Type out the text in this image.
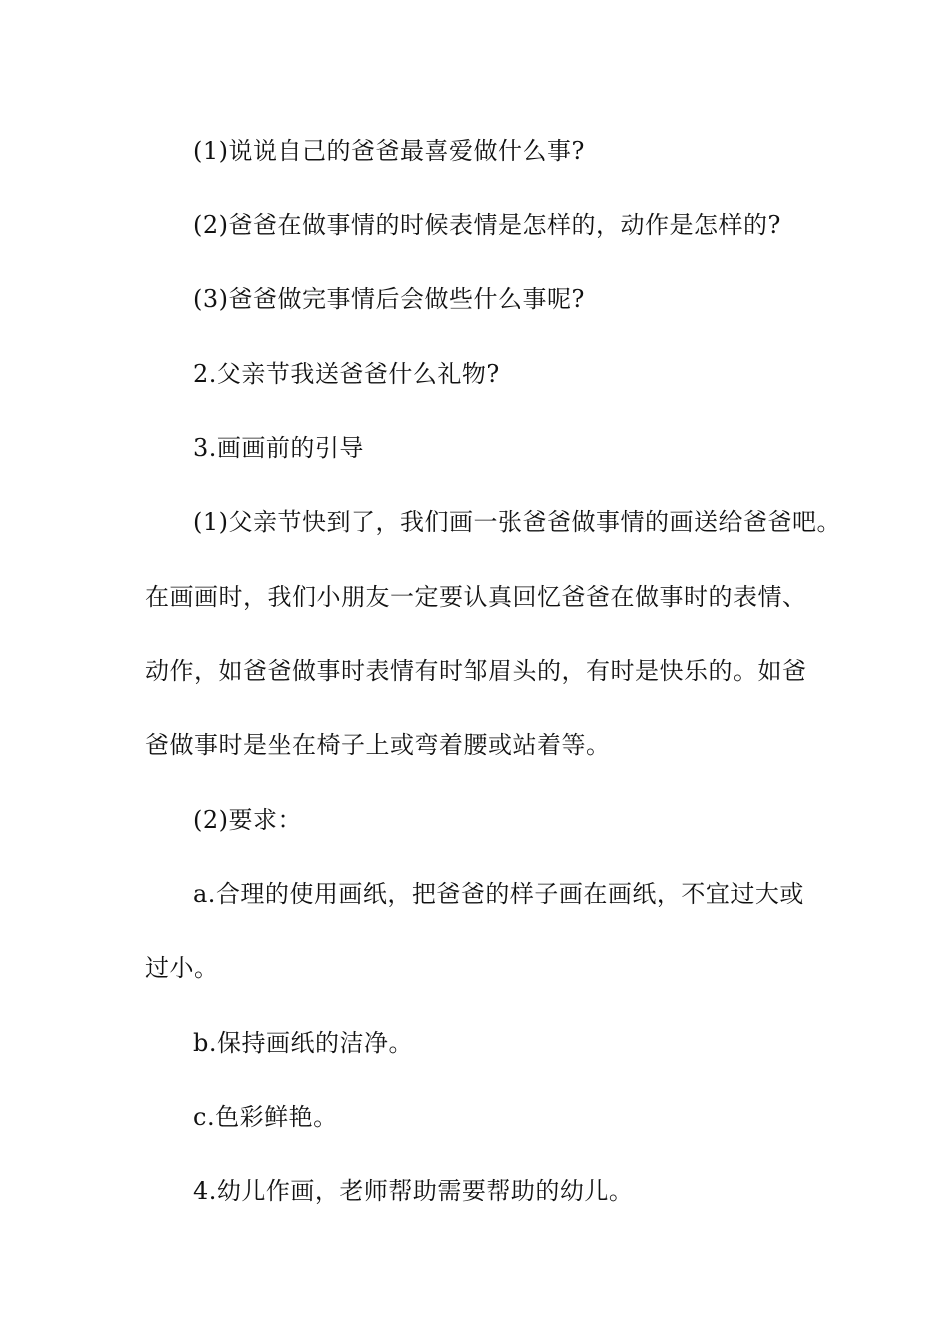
(1)说说自己的爸爸最喜爱做什么事?
(2)爸爸在做事情的时候表情是怎样的，动作是怎样的?
(3)爸爸做完事情后会做些什么事呢?
2.父亲节我送爸爸什么礼物?
3.画画前的引导
(1)父亲节快到了，我们画一张爸爸做事情的画送给爸爸吧。
在画画时，我们小朋友一定要认真回忆爸爸在做事时的表情、
动作，如爸爸做事时表情有时邹眉头的，有时是快乐的。如爸
爸做事时是坐在椅子上或弯着腰或站着等。
(2)要求：
a.合理的使用画纸，把爸爸的样子画在画纸，不宜过大或
过小。
b.保持画纸的洁净。
c.色彩鲜艳。
4.幼儿作画，老师帮助需要帮助的幼儿。
